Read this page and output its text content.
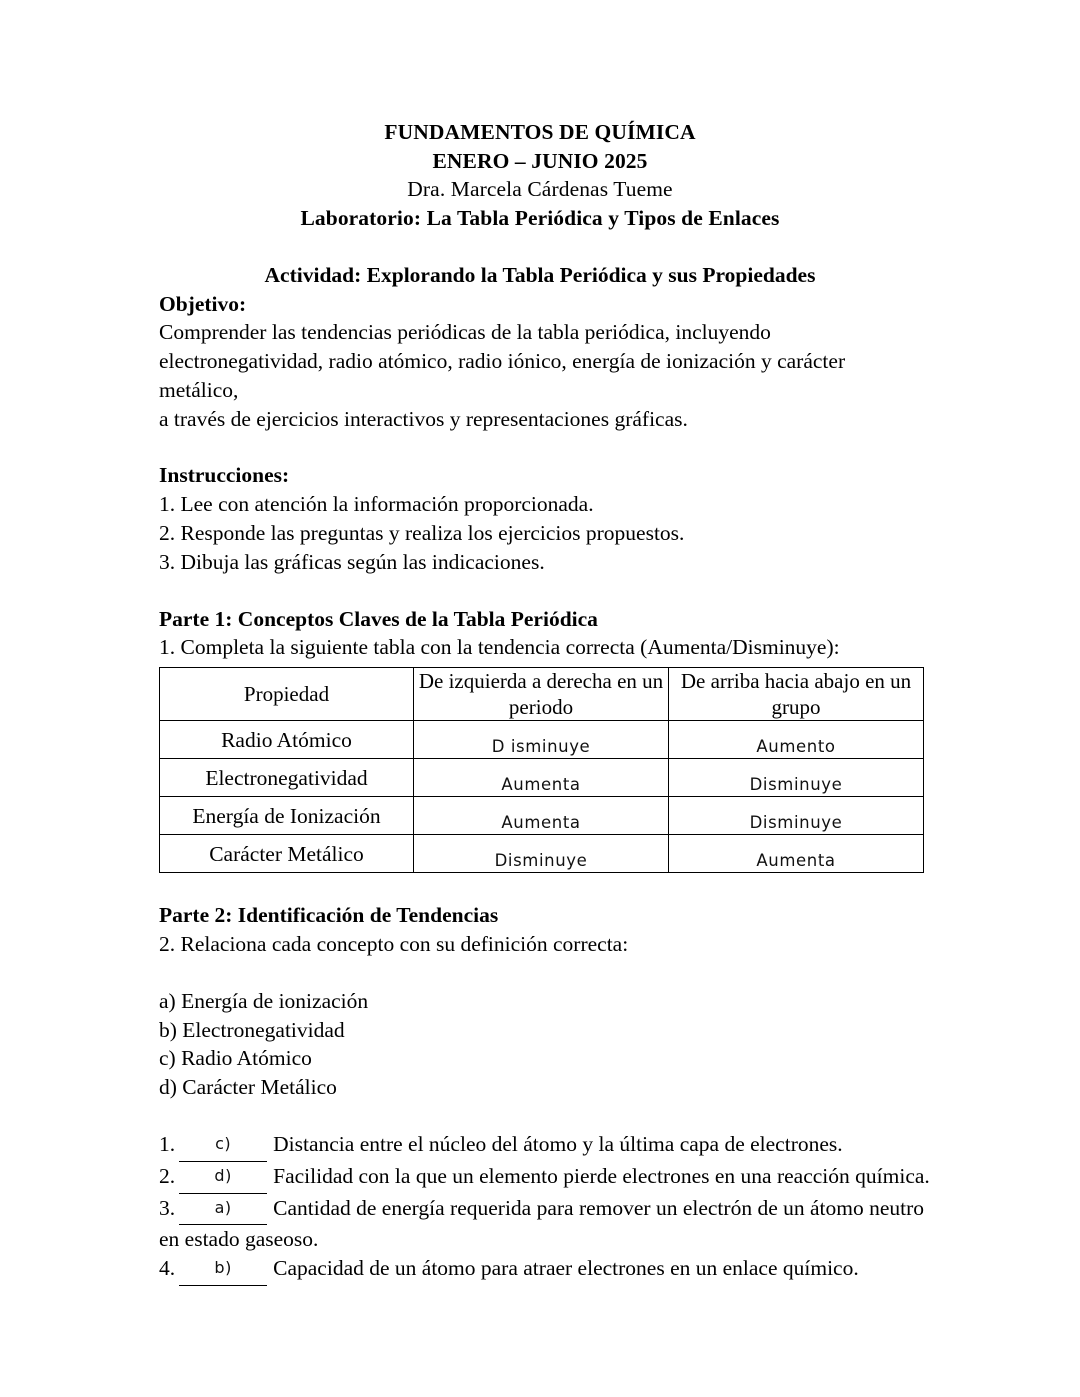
FUNDAMENTOS DE QUÍMICA
ENERO – JUNIO 2025
Dra. Marcela Cárdenas Tueme
Laboratorio: La Tabla Periódica y Tipos de Enlaces
Actividad: Explorando la Tabla Periódica y sus Propiedades
Objetivo:

Comprender las tendencias periódicas de la tabla periódica, incluyendo

electronegatividad, radio atómico, radio iónico, energía de ionización y carácter metálico,

a través de ejercicios interactivos y representaciones gráficas.

Instrucciones:

1. Lee con atención la información proporcionada.

2. Responde las preguntas y realiza los ejercicios propuestos.

3. Dibuja las gráficas según las indicaciones.

Parte 1: Conceptos Claves de la Tabla Periódica

1. Completa la siguiente tabla con la tendencia correcta (Aumenta/Disminuye):

Propiedad	De izquierda a derecha en un periodo	De arriba hacia abajo en un grupo
Radio Atómico	D isminuye	Aumento

Electronegatividad	Aumenta	Disminuye

Energía de Ionización	Aumenta	Disminuye

Carácter Metálico	Disminuye	Aumenta
Parte 2: Identificación de Tendencias

2. Relaciona cada concepto con su definición correcta:

a) Energía de ionización

b) Electronegatividad

c) Radio Atómico

d) Carácter Metálico

1. c) Distancia entre el núcleo del átomo y la última capa de electrones.
2. d) Facilidad con la que un elemento pierde electrones en una reacción química.
3. a) Cantidad de energía requerida para remover un electrón de un átomo neutro
en estado gaseoso.
4. b) Capacidad de un átomo para atraer electrones en un enlace químico.
